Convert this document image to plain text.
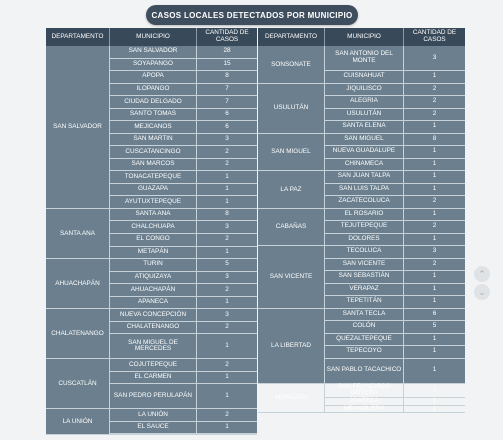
CASOS LOCALES DETECTADOS POR MUNICIPIO
DEPARTAMENTO	MUNICIPIO	CANTIDAD DE CASOS
SAN SALVADOR
SAN SALVADOR	28
SOYAPANGO	15
APOPA	8
ILOPANGO	7
CIUDAD DELGADO	7
SANTO TOMAS	6
MEJICANOS	6
SAN MARTIN	3
CUSCATANCINGO	2
SAN MARCOS	2
TONACATEPEQUE	1
GUAZAPA	1
AYUTUXTEPEQUE	1
SANTA ANA
SANTA ANA	8
CHALCHUAPA	3
EL CONGO	2
METAPÁN	1
AHUACHAPÁN
TURIN	5
ATIQUIZAYA	3
AHUACHAPÁN	2
APANECA	1
CHALATENANGO
NUEVA CONCEPCIÓN	3
CHALATENANGO	2
SAN MIGUEL DE MERCEDES	1
CUSCATLÁN
COJUTEPEQUE	2
EL CARMEN	1
SAN PEDRO PERULAPÁN	1
LA UNIÓN
LA UNIÓN	2
EL SAUCE	1
DEPARTAMENTO	MUNICIPIO	CANTIDAD DE CASOS
SONSONATE
SAN ANTONIO DEL MONTE	3
CUISNAHUAT	1
USULUTÁN
JIQUILISCO	2
ALEGRIA	2
USULUTÁN	2
SANTA ELENA	1
SAN MIGUEL
SAN MIGUEL	8
NUEVA GUADALUPE	1
CHINAMECA	1
LA PAZ
SAN JUAN TALPA	1
SAN LUIS TALPA	1
ZACATECOLUCA	2
CABAÑAS
EL ROSARIO	1
TEJUTEPEQUE	2
DOLORES	1
SAN VICENTE
TECOLUCA	3
SAN VICENTE	2
SAN SEBASTIÁN	1
VERAPAZ	1
TEPETITÁN	1
LA LIBERTAD
SANTA TECLA	6
COLÓN	5
QUEZALTEPEQUE	1
TEPECOYO	1
SAN PABLO TACACHICO	1
MORAZÁN
SAN FRANCISCO GOTERA	1
JOATECA	1
MEANGUERA	1
⌃
⌄
